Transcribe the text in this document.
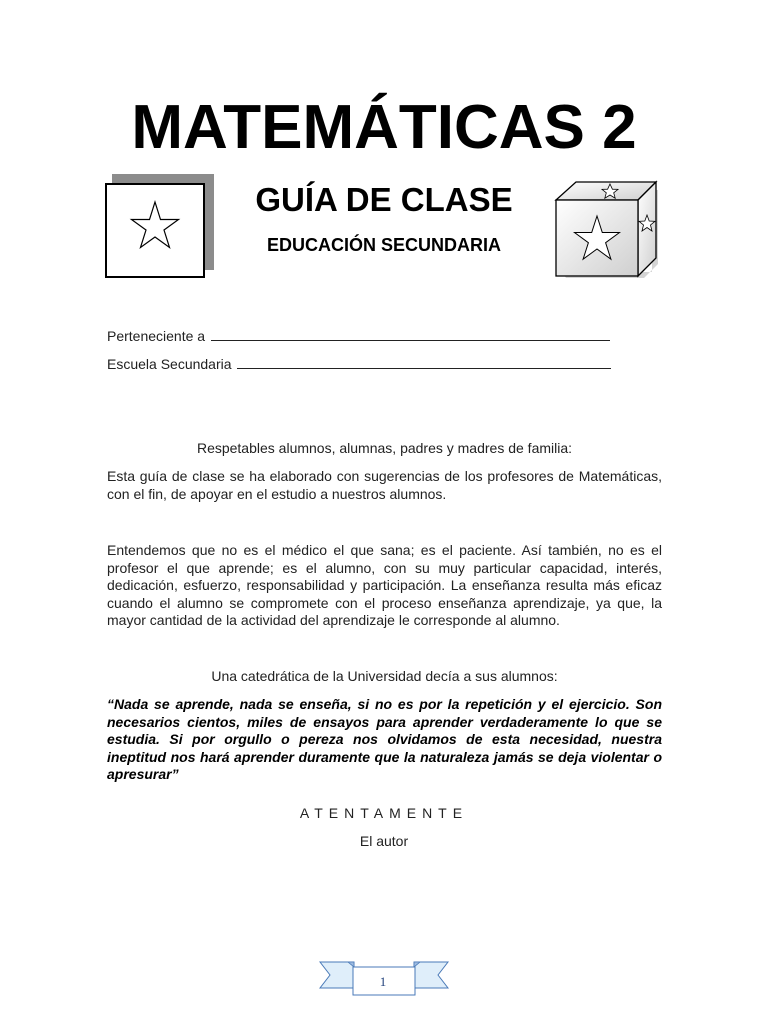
MATEMÁTICAS 2
GUÍA DE CLASE
EDUCACIÓN SECUNDARIA
Perteneciente a
Escuela Secundaria
Respetables alumnos, alumnas, padres y madres de familia:

Esta guía de clase se ha elaborado con sugerencias de los profesores de Matemáticas, con el fin, de apoyar en el estudio a nuestros alumnos.

Entendemos que no es el médico el que sana; es el paciente. Así también, no es el profesor el que aprende; es el alumno, con su muy particular capacidad, interés, dedicación, esfuerzo, responsabilidad y participación. La enseñanza resulta más eficaz cuando el alumno se compromete con el proceso enseñanza aprendizaje, ya que, la mayor cantidad de la actividad del aprendizaje le corresponde al alumno.

Una catedrática de la Universidad decía a sus alumnos:

“Nada se aprende, nada se enseña, si no es por la repetición y el ejercicio. Son necesarios cientos, miles de ensayos para aprender verdaderamente lo que se estudia. Si por orgullo o pereza nos olvidamos de esta necesidad, nuestra ineptitud nos hará aprender duramente que la naturaleza jamás se deja violentar o apresurar”

ATENTAMENTE
El autor
1
